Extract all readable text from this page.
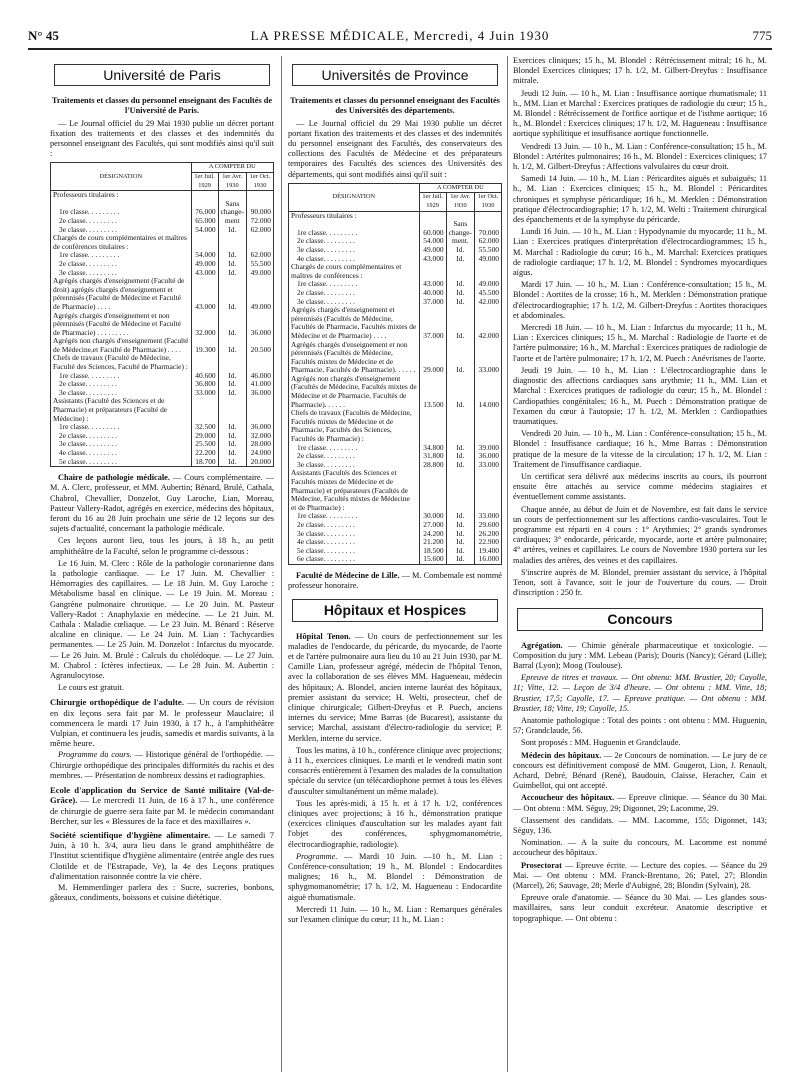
N° 45	LA PRESSE MÉDICALE, Mercredi, 4 Juin 1930	775
Université de Paris
Traitements et classes du personnel enseignant des Facultés de l'Université de Paris.

— Le Journal officiel du 29 Mai 1930 publie un décret portant fixation des traitements et des classes et des indemnités du personnel enseignant des Facultés, qui sont modifiés ainsi qu'il suit :

DÉSIGNATION	A COMPTER DU		
	1er Juil. 1929	1er Avr. 1930	1er Oct. 1930
Professeurs titulaires :			
1re classe. . . . . . . . .	76.000	Sans change-	90.000
2e classe. . . . . . . . .	65.000	ment	72.000
3e classe. . . . . . . . .	54.000	Id.	62.000
Chargés de cours complémentaires et maîtres de conférences titulaires :			
1re classe. . . . . . . . .	54.000	Id.	62.000
2e classe. . . . . . . . .	49.000	Id.	55.500
3e classe. . . . . . . . .	43.000	Id.	49.000
Agrégés chargés d'enseignement (Faculté de droit) agrégés chargés d'enseignement et pérennisés (Faculté de Médecine et Faculté de Pharmacie) . . . .	43.000	Id.	49.000
Agrégés chargés d'enseignement et non pérennisés (Faculté de Médecine et Faculté de Pharmacie) . . . . . . . . .	32.000	Id.	36.000
Agrégés non chargés d'enseignement (Faculté de Médecine,et Faculté de Pharmacie) . . . .	19.300	Id.	20.500
Chefs de travaux (Faculté de Médecine, Faculté des Sciences, Faculté de Pharmacie) :			
1re classe. . . . . . . . .	40.600	Id.	46.000
2e classe. . . . . . . . .	36.800	Id.	41.000
3e classe. . . . . . . . .	33.000	Id.	36.000
Assistants (Faculté des Sciences et de Pharmacie) et préparateurs (Faculté de Médecine) :			
1re classe. . . . . . . . .	32.500	Id.	36.000
2e classe. . . . . . . . .	29.000	Id.	32.000
3e classe. . . . . . . . .	25.500	Id.	28.000
4e classe. . . . . . . . .	22.200	Id.	24.000
5e classe. . . . . . . . .	18.700	Id.	20.000

Chaire de pathologie médicale. — Cours complémentaire. — M. A. Clerc, professeur, et MM. Aubertin; Bénard, Brulé, Cathala, Chabrol, Chevallier, Donzelot, Guy Laroche, Lian, Moreau, Pasteur Vallery-Radot, agrégés en exercice, médecins des hôpitaux, feront du 16 au 28 Juin prochain une série de 12 leçons sur des sujets d'actualité, concernant la pathologie médicale.

Ces leçons auront lieu, tous les jours, à 18 h., au petit amphithéâtre de la Faculté, selon le programme ci-dessous :

Le 16 Juin. M. Clerc : Rôle de la pathologie coronarienne dans la pathologie cardiaque. — Le 17 Juin. M. Chevallier : Hémorragies des capillaires. — Le 18 Juin. M. Guy Laroche : Métabolisme basal en clinique. — Le 19 Juin. M. Moreau : Gangrène pulmonaire chronique. — Le 20 Juin. M. Pasteur Vallery-Radot : Anaphylaxie en médecine. — Le 21 Juin. M. Cathala : Maladie cœliaque. — Le 23 Juin. M. Bénard : Réserve alcaline en clinique. — Le 24 Juin. M. Lian : Tachycardies permanentes. — Le 25 Juin. M. Donzelot : Infarctus du myocarde. — Le 26 Juin. M. Brulé : Calculs du cholédoque. — Le 27 Juin. M. Chabrol : Ictères infectieux. — Le 28 Juin. M. Aubertin : Agranulocytose.

Le cours est gratuit.

Chirurgie orthopédique de l'adulte. — Un cours de révision en dix leçons sera fait par M. le professeur Mauclaire; il commencera le mardi 17 Juin 1930, à 17 h., à l'amphithéâtre Vulpian, et continuera les jeudis, samedis et mardis suivants, à la même heure.

Programme du cours. — Historique général de l'orthopédie. — Chirurgie orthopédique des principales difformités du rachis et des membres. — Présentation de nombreux dessins et radiographies.

Ecole d'application du Service de Santé militaire (Val-de-Grâce). — Le mercredi 11 Juin, de 16 à 17 h., une conférence de chirurgie de guerre sera faite par M. le médecin commandant Bercher, sur les « Blessures de la face et des maxillaires ».

Société scientifique d'hygiène alimentaire. — Le samedi 7 Juin, à 10 h. 3/4, aura lieu dans le grand amphithéâtre de l'Institut scientifique d'hygiène alimentaire (entrée angle des rues Clotilde et de l'Estrapade, Ve), la 4e des Leçons pratiques d'alimentation raisonnée contre la vie chère.

M. Hemmerdinger parlera des : Sucre, sucreries, bonbons, gâteaux, condiments, boissons et cuisine diététique.

Universités de Province
Traitements et classes du personnel enseignant des Facultés des Universités des départements.

— Le Journal officiel du 29 Mai 1930 publie un décret portant fixation des traitements et des classes et des indemnités du personnel enseignant des Facultés, des conservateurs des collections des Facultés de Médecine et des préparateurs temporaires des Facultés des sciences des Universités des départements, qui sont modifiés ainsi qu'il suit :

DÉSIGNATION	A COMPTER DU		
	1er Juil. 1929	1er Avr. 1930	1er Oct. 1930
Professeurs titulaires :			
1re classe. . . . . . . . .	60.000	Sans change-	70.000
2e classe. . . . . . . . .	54.000	ment.	62.000
3e classe. . . . . . . . .	49.000	Id.	55.500
4e classe. . . . . . . . .	43.000	Id.	49.000
Chargés de cours complémentaires et maîtres de conférences :			
1re classe. . . . . . . . .	43.000	Id.	49.000
2e classe. . . . . . . . .	40.000	Id.	45.500
3e classe. . . . . . . . .	37.000	Id.	42.000
Agrégés chargés d'enseignement et pérennisés (Facultés de Médecine, Facultés de Pharmacie, Facultés mixtes de Médecine et de Pharmacie) . . . .	37.000	Id.	42.000
Agrégés chargés d'enseignement et non pérennisés (Facultés de Médecine, Facultés mixtes de Médecine et de Pharmacie, Facultés de Pharmacie). . . . . .	29.000	Id.	33.000
Agrégés non chargés d'enseignement (Facultés de Médecine, Facultés mixtes de Médecine et de Pharmacie, Facultés de Pharmacie). . . . . .	13.500	Id.	14.000
Chefs de travaux (Facultés de Médecine, Facultés mixtes de Médecine et de Pharmacie, Facultés des Sciences, Facultés de Pharmacie) :			
1re classe. . . . . . . . .	34.800	Id.	39.000
2e classe. . . . . . . . .	31.800	Id.	36.000
3e classe. . . . . . . . .	28.800	Id.	33.000
Assistants (Facultés des Sciences et Facultés mixtes de Médecine et de Pharmacie) et préparateurs (Facultés de Médecine, Facultés mixtes de Médecine et de Pharmacie) :			
1re classe. . . . . . . . .	30.000	Id.	33.000
2e classe. . . . . . . . .	27.000	Id.	29.600
3e classe. . . . . . . . .	24.200	Id.	26.200
4e classe. . . . . . . . .	21.200	Id.	22.900
5e classe. . . . . . . . .	18.500	Id.	19.400
6e classe. . . . . . . . .	15.600	Id.	16.000

Faculté de Médecine de Lille. — M. Combemale est nommé professeur honoraire.

Hôpitaux et Hospices

Hôpital Tenon. — Un cours de perfectionnement sur les maladies de l'endocarde, du péricarde, du myocarde, de l'aorte et de l'artère pulmonaire aura lieu du 10 au 21 Juin 1930, par M. Camille Lian, professeur agrégé, médecin de l'hôpital Tenon, avec la collaboration de ses élèves MM. Hagueneau, médecin des hôpitaux; A. Blondel, ancien interne lauréat des hôpitaux, premier assistant du service; H. Welti, prosecteur, chef de clinique chirurgicale; Gilbert-Dreyfus et P. Puech, anciens internes du service; Mme Barras (de Bucarest), assistante du service; Marchal, assistant d'électro-radiologie du service; P. Merklen, interne du service.

Tous les matins, à 10 h., conférence clinique avec projections; à 11 h., exercices cliniques. Le mardi et le vendredi matin sont consacrés entièrement à l'examen des malades de la consultation spéciale du service (un télécardiophone permet à tous les élèves d'ausculter simultanément un même malade).

Tous les après-midi, à 15 h. et à 17 h. 1/2, conférences cliniques avec projections; à 16 h., démonstration pratique (exercices cliniques d'auscultation sur les malades ayant fait l'objet des conférences, sphygmomanométrie, électrocardiographie, radiologie).

Programme. — Mardi 10 Juin. —10 h., M. Lian : Conférence-consultation; 19 h., M. Blondel : Endocardites malignes; 16 h., M. Blondel : Démonstration de sphygmomanométrie; 17 h. 1/2, M. Hagueneau : Endocardite aiguë rhumatismale.

Mercredi 11 Juin. — 10 h., M. Lian : Remarques générales sur l'examen clinique du cœur; 11 h., M. Lian :

Exercices cliniques; 15 h., M. Blondel : Rétrécissement mitral; 16 h., M. Blondel Exercices cliniques; 17 h. 1/2, M. Gilbert-Dreyfus : Insuffisance mitrale.

Jeudi 12 Juin. — 10 h., M. Lian : Insuffisance aortique rhumatismale; 11 h., MM. Lian et Marchal : Exercices pratiques de radiologie du cœur; 15 h., M. Blondel : Rétrécissement de l'orifice aortique et de l'isthme aortique; 16 h., M. Blondel : Exercices cliniques; 17 h. 1/2, M. Hagueneau : Insuffisance aortique syphilitique et insuffisance aortique fonctionnelle.

Vendredi 13 Juin. — 10 h., M. Lian : Conférence-consultation; 15 h., M. Blondel : Artérites pulmonaires; 16 h., M. Blondel : Exercices cliniques; 17 h. 1/2, M. Gilbert-Dreyfus : Affections valvulaires du cœur droit.

Samedi 14 Juin. — 10 h., M. Lian : Péricardites aiguës et subaiguës; 11 h., M. Lian : Exercices cliniques; 15 h., M. Blondel : Péricardites chroniques et symphyse péricardique; 16 h., M. Merklen : Démonstration pratique d'électrocardiographie; 17 h. 1/2, M. Welti : Traitement chirurgical des épanchements et de la symphyse du péricarde.

Lundi 16 Juin. — 10 h., M. Lian : Hypodynamie du myocarde; 11 h., M. Lian : Exercices pratiques d'interprétation d'électrocardiogrammes; 15 h., M. Marchal : Radiologie du cœur; 16 h., M. Marchal: Exercices pratiques de radiologie cardiaque; 17 h. 1/2, M. Blondel : Syndromes myocardiques aigus.

Mardi 17 Juin. — 10 h., M. Lian : Conférence-consultation; 15 h., M. Blondel : Aortites de la crosse; 16 h., M. Merklen : Démonstration pratique d'électrocardiographie; 17 h. 1/2, M. Gilbert-Dreyfus : Aortites thoraciques et abdominales.

Mercredi 18 Juin. — 10 h., M. Lian : Infarctus du myocarde; 11 h., M. Lian : Exercices cliniques; 15 h., M. Marchal : Radiologie de l'aorte et de l'artère pulmonaire; 16 h., M. Marchal : Exercices pratiques de radiologie de l'aorte et de l'artère pulmonaire; 17 h. 1/2, M. Puech : Anévrismes de l'aorte.

Jeudi 19 Juin. — 10 h., M. Lian : L'électrocardiographie dans le diagnostic des affections cardiaques sans arythmie; 11 h., MM. Lian et Marchal : Exercices pratiques de radiologie du cœur; 15 h., M. Blondel : Cardiopathies congénitales; 16 h., M. Puech : Démonstration pratique de l'examen du cœur à l'autopsie; 17 h. 1/2, M. Merklen : Cardiopathies traumatiques.

Vendredi 20 Juin. — 10 h., M. Lian : Conférence-consultation; 15 h., M. Blondel : Insuffisance cardiaque; 16 h., Mme Barras : Démonstration pratique de la mesure de la vitesse de la circulation; 17 h. 1/2, M. Lian : Traitement de l'insuffisance cardiaque.

Un certificat sera délivré aux médecins inscrits au cours, ils pourront ensuite être attachés au service comme médecins stagiaires et éventuellement comme assistants.

Chaque année, au début de Juin et de Novembre, est fait dans le service un cours de perfectionnement sur les affections cardio-vasculaires. Tout le programme est réparti en 4 cours : 1° Arythmies; 2° grands syndromes cardiaques; 3° endocarde, péricarde, myocarde, aorte et artère pulmonaire; 4° artères, veines et capillaires. Le cours de Novembre 1930 portera sur les maladies des artères, des veines et des capillaires.

S'inscrire auprès de M. Blondel, premier assistant du service, à l'hôpital Tenon, soit à l'avance, soit le jour de l'ouverture du cours. — Droit d'inscription : 250 fr.

Concours

Agrégation. — Chimie générale pharmaceutique et toxicologie. — Composition du jury : MM. Lebeau (Paris); Douris (Nancy); Gérard (Lille); Barral (Lyon); Moog (Toulouse).

Epreuve de titres et travaux. — Ont obtenu: MM. Brustier, 20; Cayolle, 11; Vitte, 12. — Leçon de 3/4 d'heure. — Ont obtenu : MM. Vitte, 18; Brustier, 17,5; Cayolle, 17. — Epreuve pratique. — Ont obtenu : MM. Brustier, 18; Vitte, 19; Cayolle, 15.

Anatomie pathologique : Total des points : ont obtenu : MM. Huguenin, 57; Grandclaude, 56.

Sont proposés : MM. Huguenin et Grandclaude.

Médecin des hôpitaux. — 2e Concours de nomination. — Le jury de ce concours est définitivement composé de MM. Gougerot, Lion, J. Renault, Achard, Debré, Bénard (René), Baudouin, Claisse, Heracher, Cain et Guimbellot, qui ont accepté.

Accoucheur des hôpitaux. — Epreuve clinique. — Séance du 30 Mai. — Ont obtenu : MM. Séguy, 29; Digonnet, 29; Lacomme, 29.

Classement des candidats. — MM. Lacomme, 155; Digonnet, 143; Séguy, 136.

Nomination. — A la suite du concours, M. Lacomme est nommé accoucheur des hôpitaux.

Prosectorat — Epreuve écrite. — Lecture des copies. — Séance du 29 Mai. — Ont obtenu : MM. Franck-Brentano, 26; Patel, 27; Blondin (Marcel), 26; Sauvage, 28; Merle d'Aubigné, 28; Blondin (Sylvain), 28.

Epreuve orale d'anatomie. — Séance du 30 Mai. — Les glandes sous-maxillaires, sans leur conduit excréteur. Anatomie descriptive et topographique. — Ont obtenu :
